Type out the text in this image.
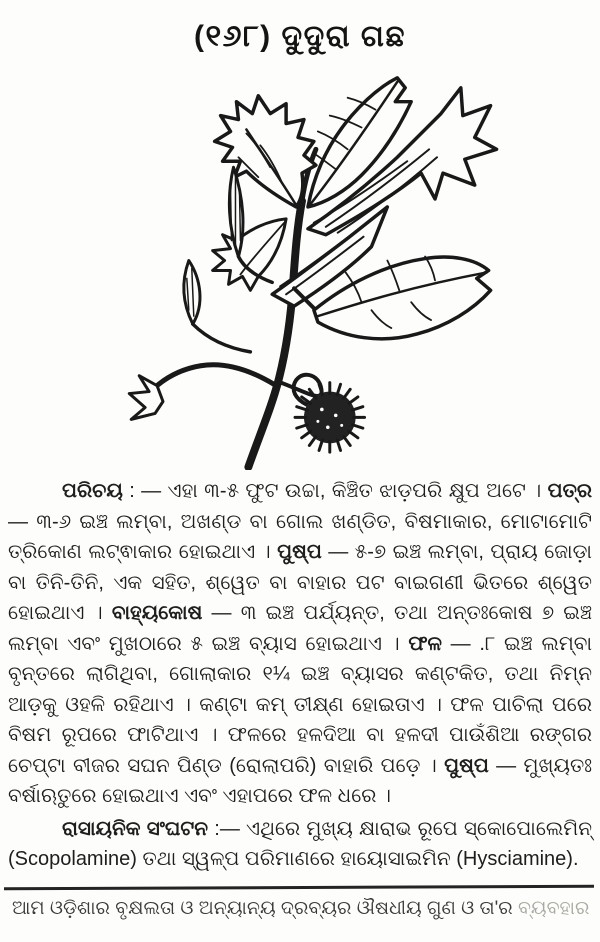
(୧୬୮) ଦୁଦୁରା ଗଛ

ପରିଚୟ : — ଏହା ୩-୫ ଫୁଟ ଉଚ୍ଚା, କିଞ୍ଚିତ ଝାଡ଼ପରି କ୍ଷୁପ ଅଟେ । ପତ୍ର — ୩-୬ ଇଞ୍ଚ ଲମ୍ବା, ଅଖଣ୍ଡ ବା ଗୋଲ ଖଣ୍ଡିତ, ବିଷମାକାର, ମୋଟାମୋଟି ତ୍ରିକୋଣ ଲଟ୍ଵାକାର ହୋଇଥାଏ । ପୁଷ୍ପ — ୫-୭ ଇଞ୍ଚ ଲମ୍ବା, ପ୍ରାୟ ଜୋଡ଼ା ବା ତିନି-ତିନି, ଏକ ସହିତ, ଶ୍ୱେତ ବା ବାହାର ପଟ ବାଇଗଣୀ ଭିତରେ ଶ୍ୱେତ ହୋଇଥାଏ । ବାହ୍ୟକୋଷ — ୩ ଇଞ୍ଚ ପର୍ଯ୍ୟନ୍ତ, ତଥା ଅନ୍ତଃକୋଷ ୭ ଇଞ୍ଚ ଲମ୍ବା ଏବଂ ମୁଖଠାରେ ୫ ଇଞ୍ଚ ବ୍ୟାସ ହୋଇଥାଏ । ଫଳ — .୮ ଇଞ୍ଚ ଲମ୍ବା ବୃନ୍ତରେ ଲାଗିଥିବା, ଗୋଲାକାର ୧¼ ଇଞ୍ଚ ବ୍ୟାସର କଣ୍ଟକିତ, ତଥା ନିମ୍ନ ଆଡ଼କୁ ଓହଳି ରହିଥାଏ । କଣ୍ଟା କମ୍ ତୀକ୍ଷ୍ଣ ହୋଇତାଏ । ଫଳ ପାଚିଲା ପରେ ବିଷମ ରୂପରେ ଫାଟିଥାଏ । ଫଳରେ ହଳଦିଆ ବା ହଳଦୀ ପାଉଁଶିଆ ରଙ୍ଗର ଚେପ୍ଟା ବୀଜର ସଘନ ପିଣ୍ଡ (ରୋଲାପରି) ବାହାରି ପଡ଼େ । ପୁଷ୍ପ — ମୁଖ୍ୟତଃ ବର୍ଷାଋତୁରେ ହୋଇଥାଏ ଏବଂ ଏହାପରେ ଫଳ ଧରେ ।

ରାସାୟନିକ ସଂଘଟନ :— ଏଥିରେ ମୁଖ୍ୟ କ୍ଷାରାଭ ରୂପେ ସ୍କୋପୋଲେମିନ୍ (Scopolamine) ତଥା ସ୍ୱଳ୍ପ ପରିମାଣରେ ହାୟୋସାଇମିନ (Hysciamine).

ଆମ ଓଡ଼ିଶାର ବୃକ୍ଷଲତା ଓ ଅନ୍ୟାନ୍ୟ ଦ୍ରବ୍ୟର ଔଷଧୀୟ ଗୁଣ ଓ ତା'ର ବ୍ୟବହାର
